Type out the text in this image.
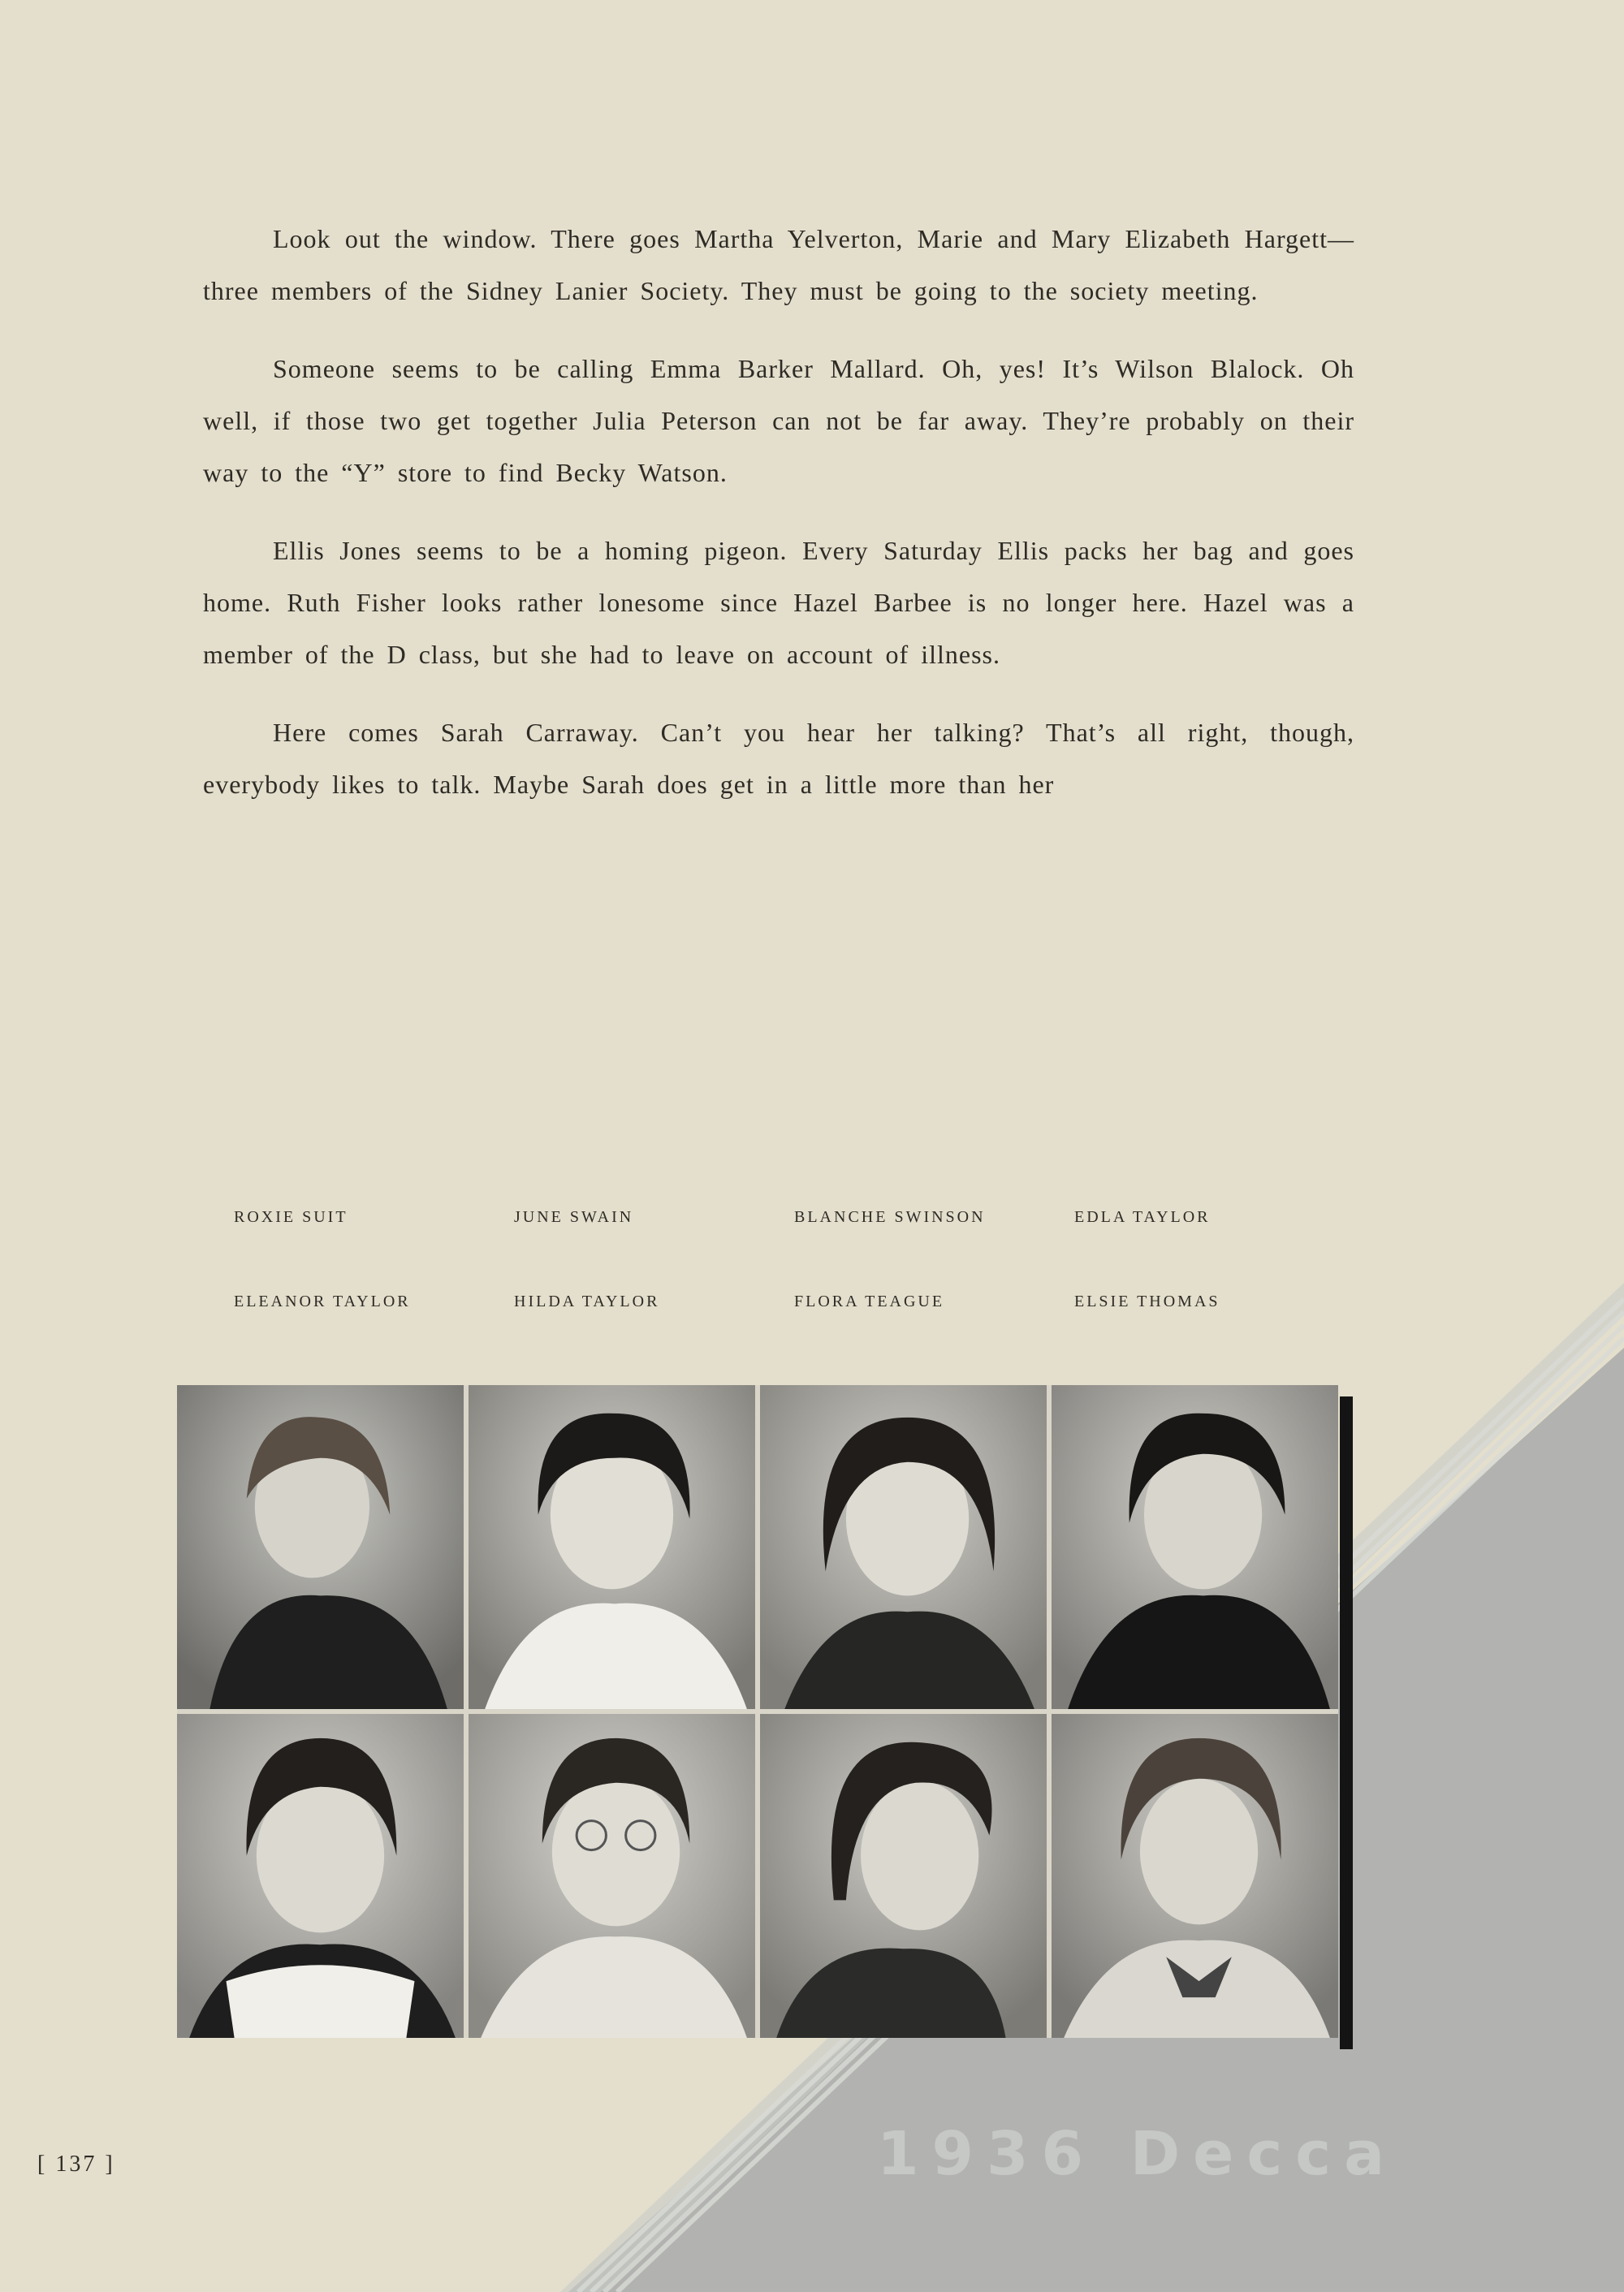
Look out the window. There goes Martha Yelverton, Marie and Mary Elizabeth Hargett—three members of the Sidney Lanier Society. They must be going to the society meeting.

Someone seems to be calling Emma Barker Mallard. Oh, yes! It’s Wilson Blalock. Oh well, if those two get together Julia Peterson can not be far away. They’re probably on their way to the “Y” store to find Becky Watson.

Ellis Jones seems to be a homing pigeon. Every Saturday Ellis packs her bag and goes home. Ruth Fisher looks rather lonesome since Hazel Barbee is no longer here. Hazel was a member of the D class, but she had to leave on account of illness.

Here comes Sarah Carraway. Can’t you hear her talking? That’s all right, though, everybody likes to talk. Maybe Sarah does get in a little more than her

ROXIE SUIT	JUNE SWAIN	BLANCHE SWINSON	EDLA TAYLOR
ELEANOR TAYLOR	HILDA TAYLOR	FLORA TEAGUE	ELSIE THOMAS
[ 137 ]	1936 Decca
